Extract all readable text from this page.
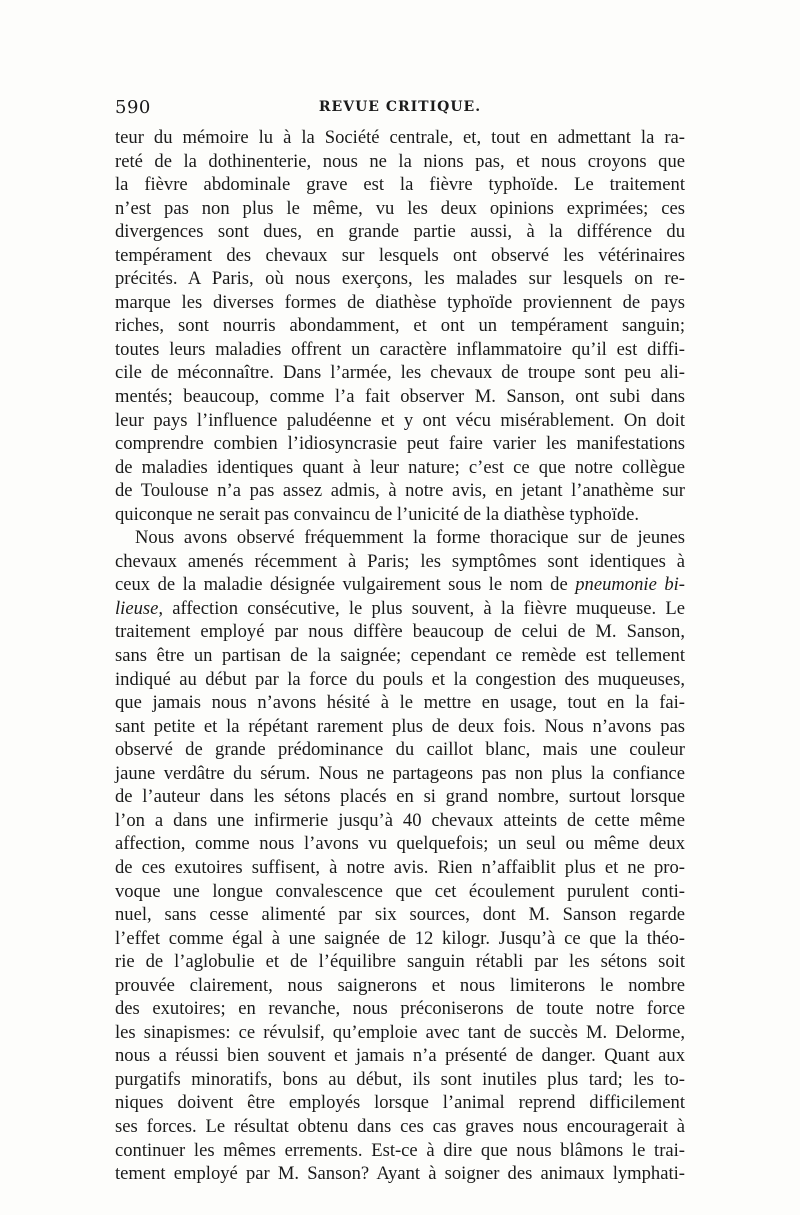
590	REVUE CRITIQUE.
teur du mémoire lu à la Société centrale, et, tout en admettant la ra-
reté de la dothinenterie, nous ne la nions pas, et nous croyons que
la fièvre abdominale grave est la fièvre typhoïde. Le traitement
n’est pas non plus le même, vu les deux opinions exprimées; ces
divergences sont dues, en grande partie aussi, à la différence du
tempérament des chevaux sur lesquels ont observé les vétérinaires
précités. A Paris, où nous exerçons, les malades sur lesquels on re-
marque les diverses formes de diathèse typhoïde proviennent de pays
riches, sont nourris abondamment, et ont un tempérament sanguin;
toutes leurs maladies offrent un caractère inflammatoire qu’il est diffi-
cile de méconnaître. Dans l’armée, les chevaux de troupe sont peu ali-
mentés; beaucoup, comme l’a fait observer M. Sanson, ont subi dans
leur pays l’influence paludéenne et y ont vécu misérablement. On doit
comprendre combien l’idiosyncrasie peut faire varier les manifestations
de maladies identiques quant à leur nature; c’est ce que notre collègue
de Toulouse n’a pas assez admis, à notre avis, en jetant l’anathème sur
quiconque ne serait pas convaincu de l’unicité de la diathèse typhoïde.
Nous avons observé fréquemment la forme thoracique sur de jeunes
chevaux amenés récemment à Paris; les symptômes sont identiques à
ceux de la maladie désignée vulgairement sous le nom de pneumonie bi-
lieuse, affection consécutive, le plus souvent, à la fièvre muqueuse. Le
traitement employé par nous diffère beaucoup de celui de M. Sanson,
sans être un partisan de la saignée; cependant ce remède est tellement
indiqué au début par la force du pouls et la congestion des muqueuses,
que jamais nous n’avons hésité à le mettre en usage, tout en la fai-
sant petite et la répétant rarement plus de deux fois. Nous n’avons pas
observé de grande prédominance du caillot blanc, mais une couleur
jaune verdâtre du sérum. Nous ne partageons pas non plus la confiance
de l’auteur dans les sétons placés en si grand nombre, surtout lorsque
l’on a dans une infirmerie jusqu’à 40 chevaux atteints de cette même
affection, comme nous l’avons vu quelquefois; un seul ou même deux
de ces exutoires suffisent, à notre avis. Rien n’affaiblit plus et ne pro-
voque une longue convalescence que cet écoulement purulent conti-
nuel, sans cesse alimenté par six sources, dont M. Sanson regarde
l’effet comme égal à une saignée de 12 kilogr. Jusqu’à ce que la théo-
rie de l’aglobulie et de l’équilibre sanguin rétabli par les sétons soit
prouvée clairement, nous saignerons et nous limiterons le nombre
des exutoires; en revanche, nous préconiserons de toute notre force
les sinapismes: ce révulsif, qu’emploie avec tant de succès M. Delorme,
nous a réussi bien souvent et jamais n’a présenté de danger. Quant aux
purgatifs minoratifs, bons au début, ils sont inutiles plus tard; les to-
niques doivent être employés lorsque l’animal reprend difficilement
ses forces. Le résultat obtenu dans ces cas graves nous encouragerait à
continuer les mêmes errements. Est-ce à dire que nous blâmons le trai-
tement employé par M. Sanson? Ayant à soigner des animaux lymphati-
